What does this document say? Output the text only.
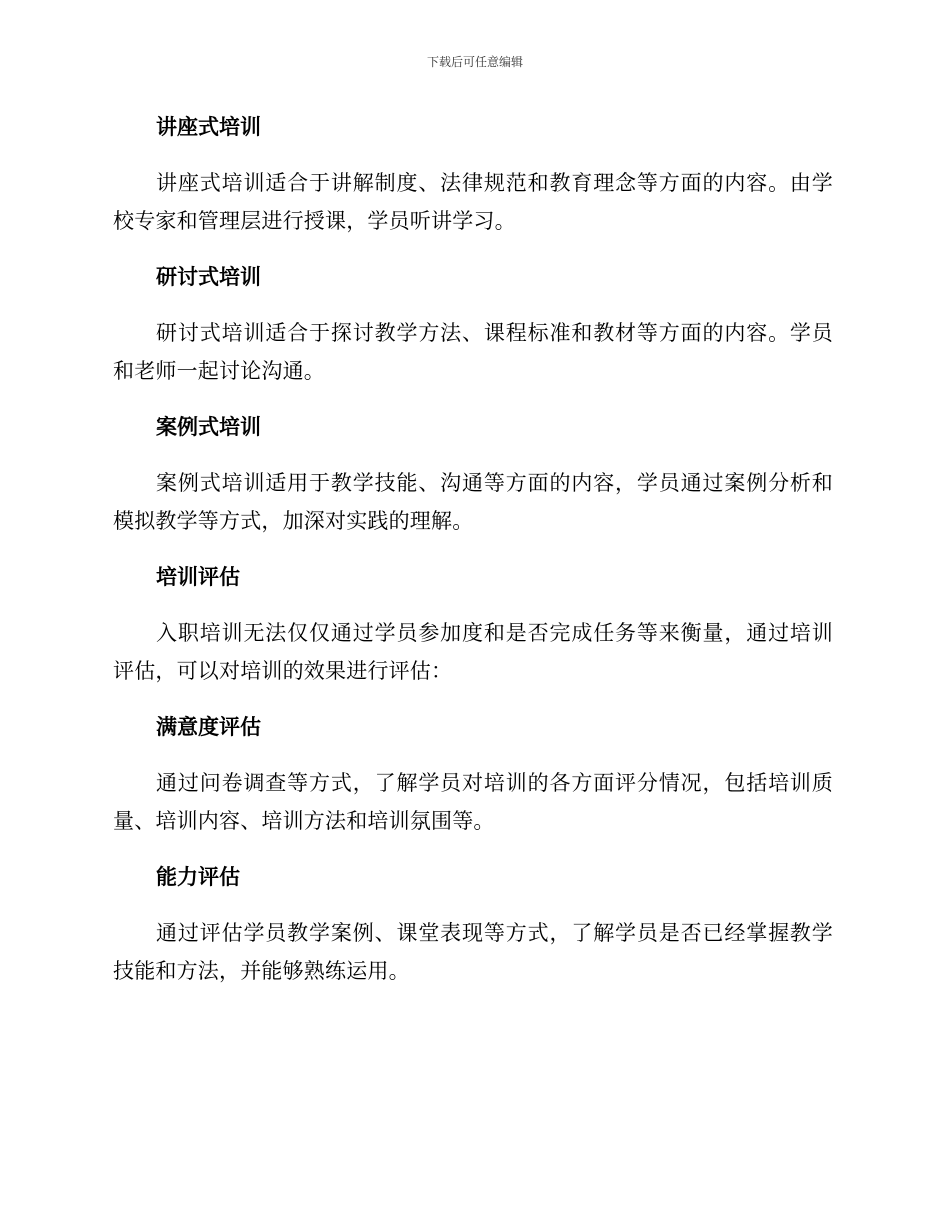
下载后可任意编辑
讲座式培训

讲座式培训适合于讲解制度、法律规范和教育理念等方面的内容。由学校专家和管理层进行授课，学员听讲学习。

研讨式培训

研讨式培训适合于探讨教学方法、课程标准和教材等方面的内容。学员和老师一起讨论沟通。

案例式培训

案例式培训适用于教学技能、沟通等方面的内容，学员通过案例分析和模拟教学等方式，加深对实践的理解。

培训评估

入职培训无法仅仅通过学员参加度和是否完成任务等来衡量，通过培训评估，可以对培训的效果进行评估：

满意度评估

通过问卷调查等方式，了解学员对培训的各方面评分情况，包括培训质量、培训内容、培训方法和培训氛围等。

能力评估

通过评估学员教学案例、课堂表现等方式，了解学员是否已经掌握教学技能和方法，并能够熟练运用。
